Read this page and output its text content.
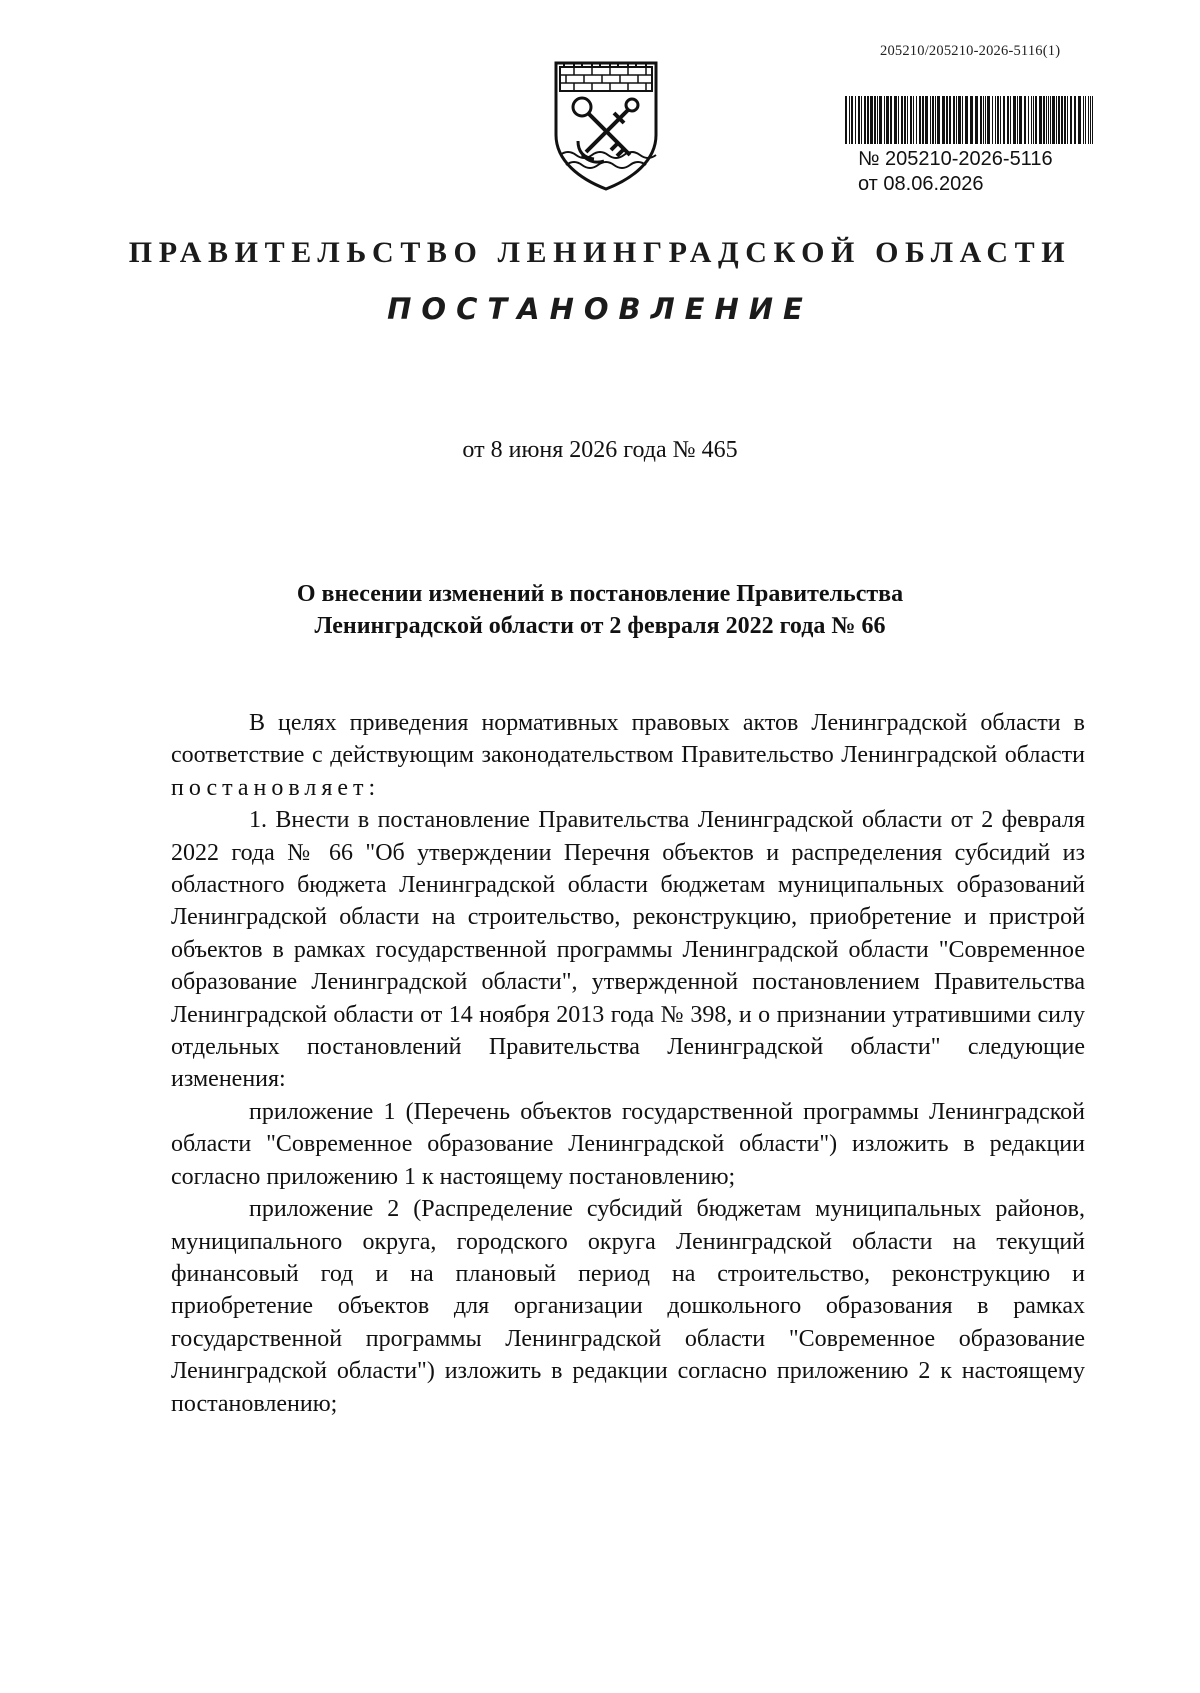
205210/205210-2026-5116(1)
№ 205210-2026-5116
от 08.06.2026
ПРАВИТЕЛЬСТВО ЛЕНИНГРАДСКОЙ ОБЛАСТИ
ПОСТАНОВЛЕНИЕ
от 8 июня 2026 года № 465
О внесении изменений в постановление Правительства
Ленинградской области от 2 февраля 2022 года № 66

В целях приведения нормативных правовых актов Ленинградской области в соответствие с действующим законодательством Правительство Ленинградской области постановляет:

1. Внести в постановление Правительства Ленинградской области от 2 февраля 2022 года № 66 "Об утверждении Перечня объектов и распределения субсидий из областного бюджета Ленинградской области бюджетам муниципальных образований Ленинградской области на строительство, реконструкцию, приобретение и пристрой объектов в рамках государственной программы Ленинградской области "Современное образование Ленинградской области", утвержденной постановлением Правительства Ленинградской области от 14 ноября 2013 года № 398, и о признании утратившими силу отдельных постановлений Правительства Ленинградской области" следующие изменения:

приложение 1 (Перечень объектов государственной программы Ленинградской области "Современное образование Ленинградской области") изложить в редакции согласно приложению 1 к настоящему постановлению;

приложение 2 (Распределение субсидий бюджетам муниципальных районов, муниципального округа, городского округа Ленинградской области на текущий финансовый год и на плановый период на строительство, реконструкцию и приобретение объектов для организации дошкольного образования в рамках государственной программы Ленинградской области "Современное образование Ленинградской области") изложить в редакции согласно приложению 2 к настоящему постановлению;
